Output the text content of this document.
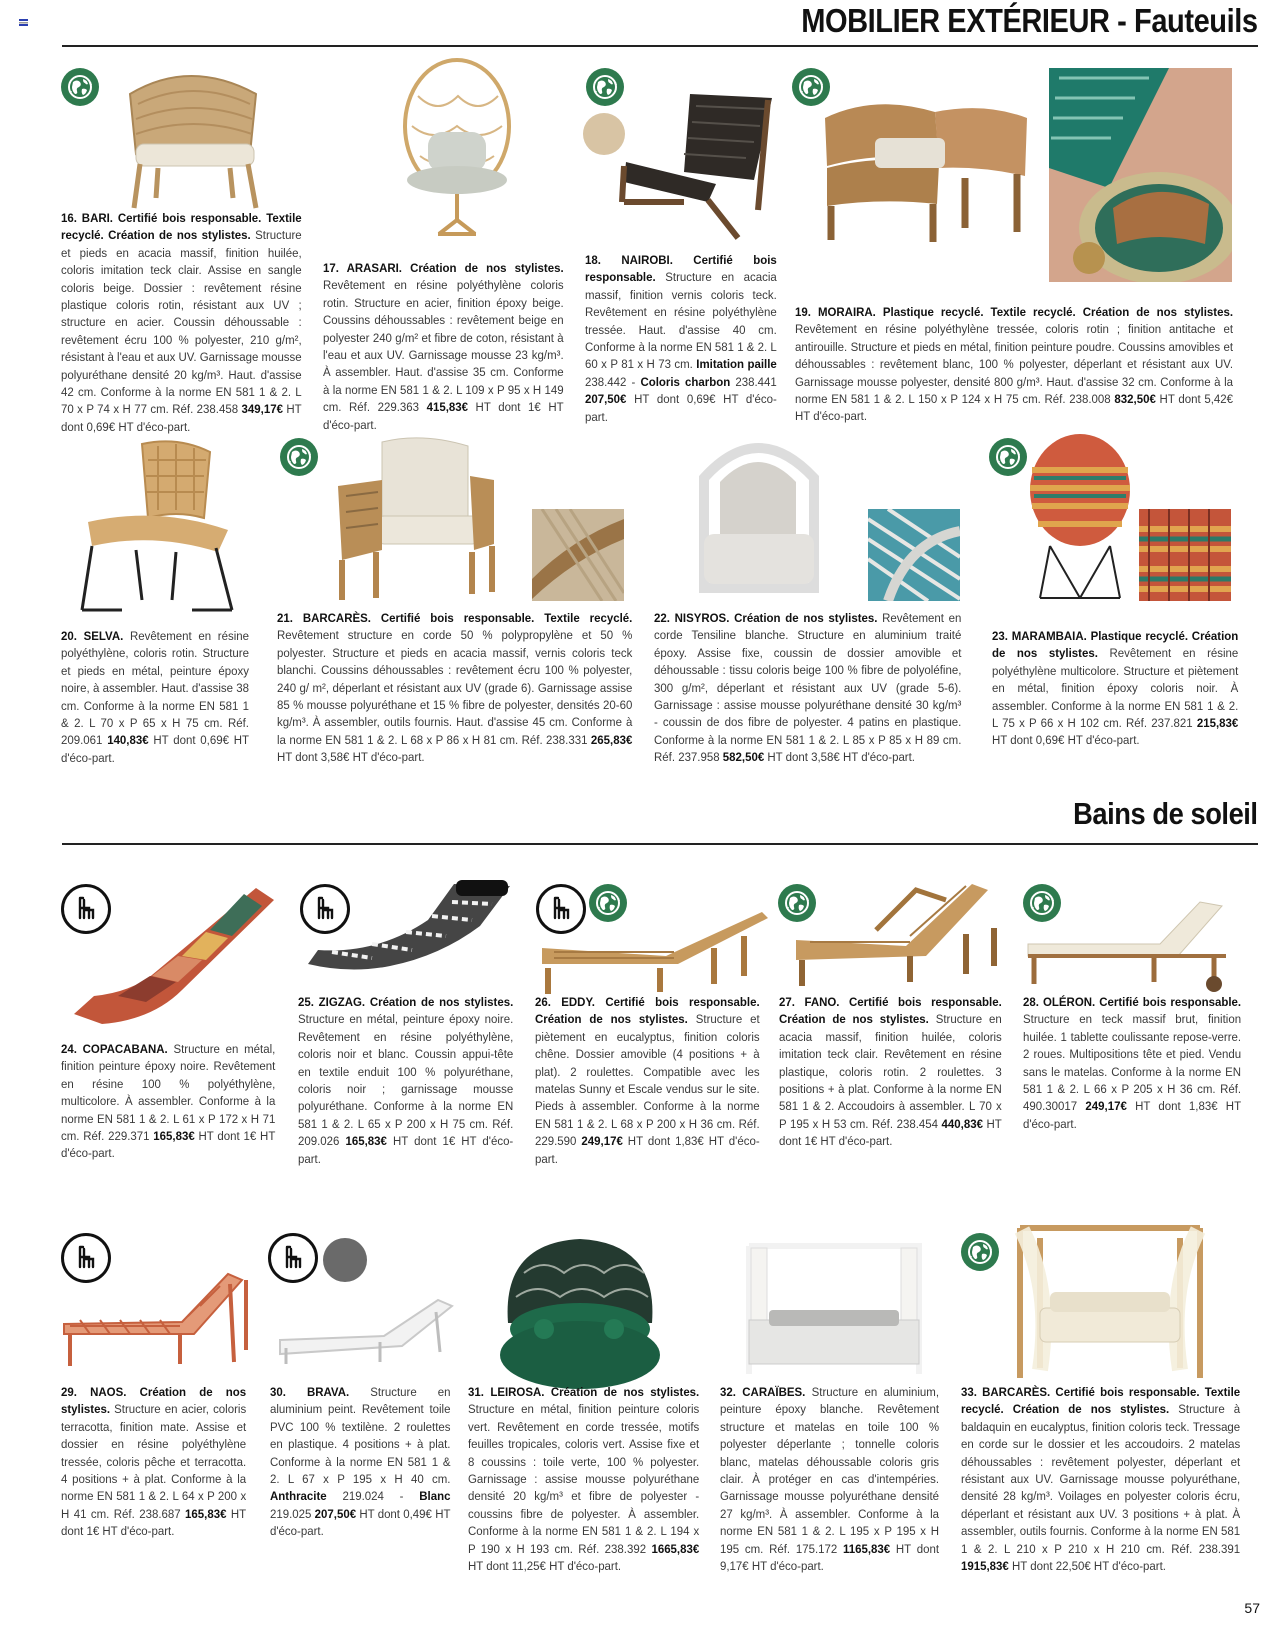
MOBILIER EXTÉRIEUR - Fauteuils
16. BARI. Certifié bois responsable. Textile recyclé. Création de nos stylistes. Structure et pieds en acacia massif, finition huilée, coloris imitation teck clair. Assise en sangle coloris beige. Dossier : revêtement résine plastique coloris rotin, résistant aux UV ; structure en acier. Coussin déhoussable : revêtement écru 100 % polyester, 210 g/m², résistant à l'eau et aux UV. Garnissage mousse polyuréthane densité 20 kg/m³. Haut. d'assise 42 cm. Conforme à la norme EN 581 1 & 2. L 70 x P 74 x H 77 cm. Réf. 238.458 349,17€ HT dont 0,69€ HT d'éco-part.
17. ARASARI. Création de nos stylistes. Revêtement en résine polyéthylène coloris rotin. Structure en acier, finition époxy beige. Coussins déhoussables : revêtement beige en polyester 240 g/m² et fibre de coton, résistant à l'eau et aux UV. Garnissage mousse 23 kg/m³. À assembler. Haut. d'assise 35 cm. Conforme à la norme EN 581 1 & 2. L 109 x P 95 x H 149 cm. Réf. 229.363 415,83€ HT dont 1€ HT d'éco-part.
18. NAIROBI. Certifié bois responsable. Structure en acacia massif, finition vernis coloris teck. Revêtement en résine polyéthylène tressée. Haut. d'assise 40 cm. Conforme à la norme EN 581 1 & 2. L 60 x P 81 x H 73 cm. Imitation paille 238.442 - Coloris charbon 238.441 207,50€ HT dont 0,69€ HT d'éco-part.
19. MORAIRA. Plastique recyclé. Textile recyclé. Création de nos stylistes. Revêtement en résine polyéthylène tressée, coloris rotin ; finition antitache et antirouille. Structure et pieds en métal, finition peinture poudre. Coussins amovibles et déhoussables : revêtement blanc, 100 % polyester, déperlant et résistant aux UV. Garnissage mousse polyester, densité 800 g/m³. Haut. d'assise 32 cm. Conforme à la norme EN 581 1 & 2. L 150 x P 124 x H 75 cm. Réf. 238.008 832,50€ HT dont 5,42€ HT d'éco-part.
20. SELVA. Revêtement en résine polyéthylène, coloris rotin. Structure et pieds en métal, peinture époxy noire, à assembler. Haut. d'assise 38 cm. Conforme à la norme EN 581 1 & 2. L 70 x P 65 x H 75 cm. Réf. 209.061 140,83€ HT dont 0,69€ HT d'éco-part.
21. BARCARÈS. Certifié bois responsable. Textile recyclé. Revêtement structure en corde 50 % polypropylène et 50 % polyester. Structure et pieds en acacia massif, vernis coloris teck blanchi. Coussins déhoussables : revêtement écru 100 % polyester, 240 g/ m², déperlant et résistant aux UV (grade 6). Garnissage assise 85 % mousse polyuréthane et 15 % fibre de polyester, densités 20-60 kg/m³. À assembler, outils fournis. Haut. d'assise 45 cm. Conforme à la norme EN 581 1 & 2. L 68 x P 86 x H 81 cm. Réf. 238.331 265,83€ HT dont 3,58€ HT d'éco-part.
22. NISYROS. Création de nos stylistes. Revêtement en corde Tensiline blanche. Structure en aluminium traité époxy. Assise fixe, coussin de dossier amovible et déhoussable : tissu coloris beige 100 % fibre de polyoléfine, 300 g/m², déperlant et résistant aux UV (grade 5-6). Garnissage : assise mousse polyuréthane densité 30 kg/m³ - coussin de dos fibre de polyester. 4 patins en plastique. Conforme à la norme EN 581 1 & 2. L 85 x P 85 x H 89 cm. Réf. 237.958 582,50€ HT dont 3,58€ HT d'éco-part.
23. MARAMBAIA. Plastique recyclé. Création de nos stylistes. Revêtement en résine polyéthylène multicolore. Structure et piètement en métal, finition époxy coloris noir. À assembler. Conforme à la norme EN 581 1 & 2. L 75 x P 66 x H 102 cm. Réf. 237.821 215,83€ HT dont 0,69€ HT d'éco-part.
Bains de soleil
24. COPACABANA. Structure en métal, finition peinture époxy noire. Revêtement en résine 100 % polyéthylène, multicolore. À assembler. Conforme à la norme EN 581 1 & 2. L 61 x P 172 x H 71 cm. Réf. 229.371 165,83€ HT dont 1€ HT d'éco-part.
25. ZIGZAG. Création de nos stylistes. Structure en métal, peinture époxy noire. Revêtement en résine polyéthylène, coloris noir et blanc. Coussin appui-tête en textile enduit 100 % polyuréthane, coloris noir ; garnissage mousse polyuréthane. Conforme à la norme EN 581 1 & 2. L 65 x P 200 x H 75 cm. Réf. 209.026 165,83€ HT dont 1€ HT d'éco-part.
26. EDDY. Certifié bois responsable. Création de nos stylistes. Structure et piètement en eucalyptus, finition coloris chêne. Dossier amovible (4 positions + à plat). 2 roulettes. Compatible avec les matelas Sunny et Escale vendus sur le site. Pieds à assembler. Conforme à la norme EN 581 1 & 2. L 68 x P 200 x H 36 cm. Réf. 229.590 249,17€ HT dont 1,83€ HT d'éco-part.
27. FANO. Certifié bois responsable. Création de nos stylistes. Structure en acacia massif, finition huilée, coloris imitation teck clair. Revêtement en résine plastique, coloris rotin. 2 roulettes. 3 positions + à plat. Conforme à la norme EN 581 1 & 2. Accoudoirs à assembler. L 70 x P 195 x H 53 cm. Réf. 238.454 440,83€ HT dont 1€ HT d'éco-part.
28. OLÉRON. Certifié bois responsable. Structure en teck massif brut, finition huilée. 1 tablette coulissante repose-verre. 2 roues. Multipositions tête et pied. Vendu sans le matelas. Conforme à la norme EN 581 1 & 2. L 66 x P 205 x H 36 cm. Réf. 490.30017 249,17€ HT dont 1,83€ HT d'éco-part.
29. NAOS. Création de nos stylistes. Structure en acier, coloris terracotta, finition mate. Assise et dossier en résine polyéthylène tressée, coloris pêche et terracotta. 4 positions + à plat. Conforme à la norme EN 581 1 & 2. L 64 x P 200 x H 41 cm. Réf. 238.687 165,83€ HT dont 1€ HT d'éco-part.
30. BRAVA. Structure en aluminium peint. Revêtement toile PVC 100 % textilène. 2 roulettes en plastique. 4 positions + à plat. Conforme à la norme EN 581 1 & 2. L 67 x P 195 x H 40 cm. Anthracite 219.024 - Blanc 219.025 207,50€ HT dont 0,49€ HT d'éco-part.
31. LEIROSA. Création de nos stylistes. Structure en métal, finition peinture coloris vert. Revêtement en corde tressée, motifs feuilles tropicales, coloris vert. Assise fixe et 8 coussins : toile verte, 100 % polyester. Garnissage : assise mousse polyuréthane densité 20 kg/m³ et fibre de polyester - coussins fibre de polyester. À assembler. Conforme à la norme EN 581 1 & 2. L 194 x P 190 x H 193 cm. Réf. 238.392 1665,83€ HT dont 11,25€ HT d'éco-part.
32. CARAÏBES. Structure en aluminium, peinture époxy blanche. Revêtement structure et matelas en toile 100 % polyester déperlante ; tonnelle coloris blanc, matelas déhoussable coloris gris clair. À protéger en cas d'intempéries. Garnissage mousse polyuréthane densité 27 kg/m³. À assembler. Conforme à la norme EN 581 1 & 2. L 195 x P 195 x H 195 cm. Réf. 175.172 1165,83€ HT dont 9,17€ HT d'éco-part.
33. BARCARÈS. Certifié bois responsable. Textile recyclé. Création de nos stylistes. Structure à baldaquin en eucalyptus, finition coloris teck. Tressage en corde sur le dossier et les accoudoirs. 2 matelas déhoussables : revêtement polyester, déperlant et résistant aux UV. Garnissage mousse polyuréthane, densité 28 kg/m³. Voilages en polyester coloris écru, déperlant et résistant aux UV. 3 positions + à plat. À assembler, outils fournis. Conforme à la norme EN 581 1 & 2. L 210 x P 210 x H 210 cm. Réf. 238.391 1915,83€ HT dont 22,50€ HT d'éco-part.
57
